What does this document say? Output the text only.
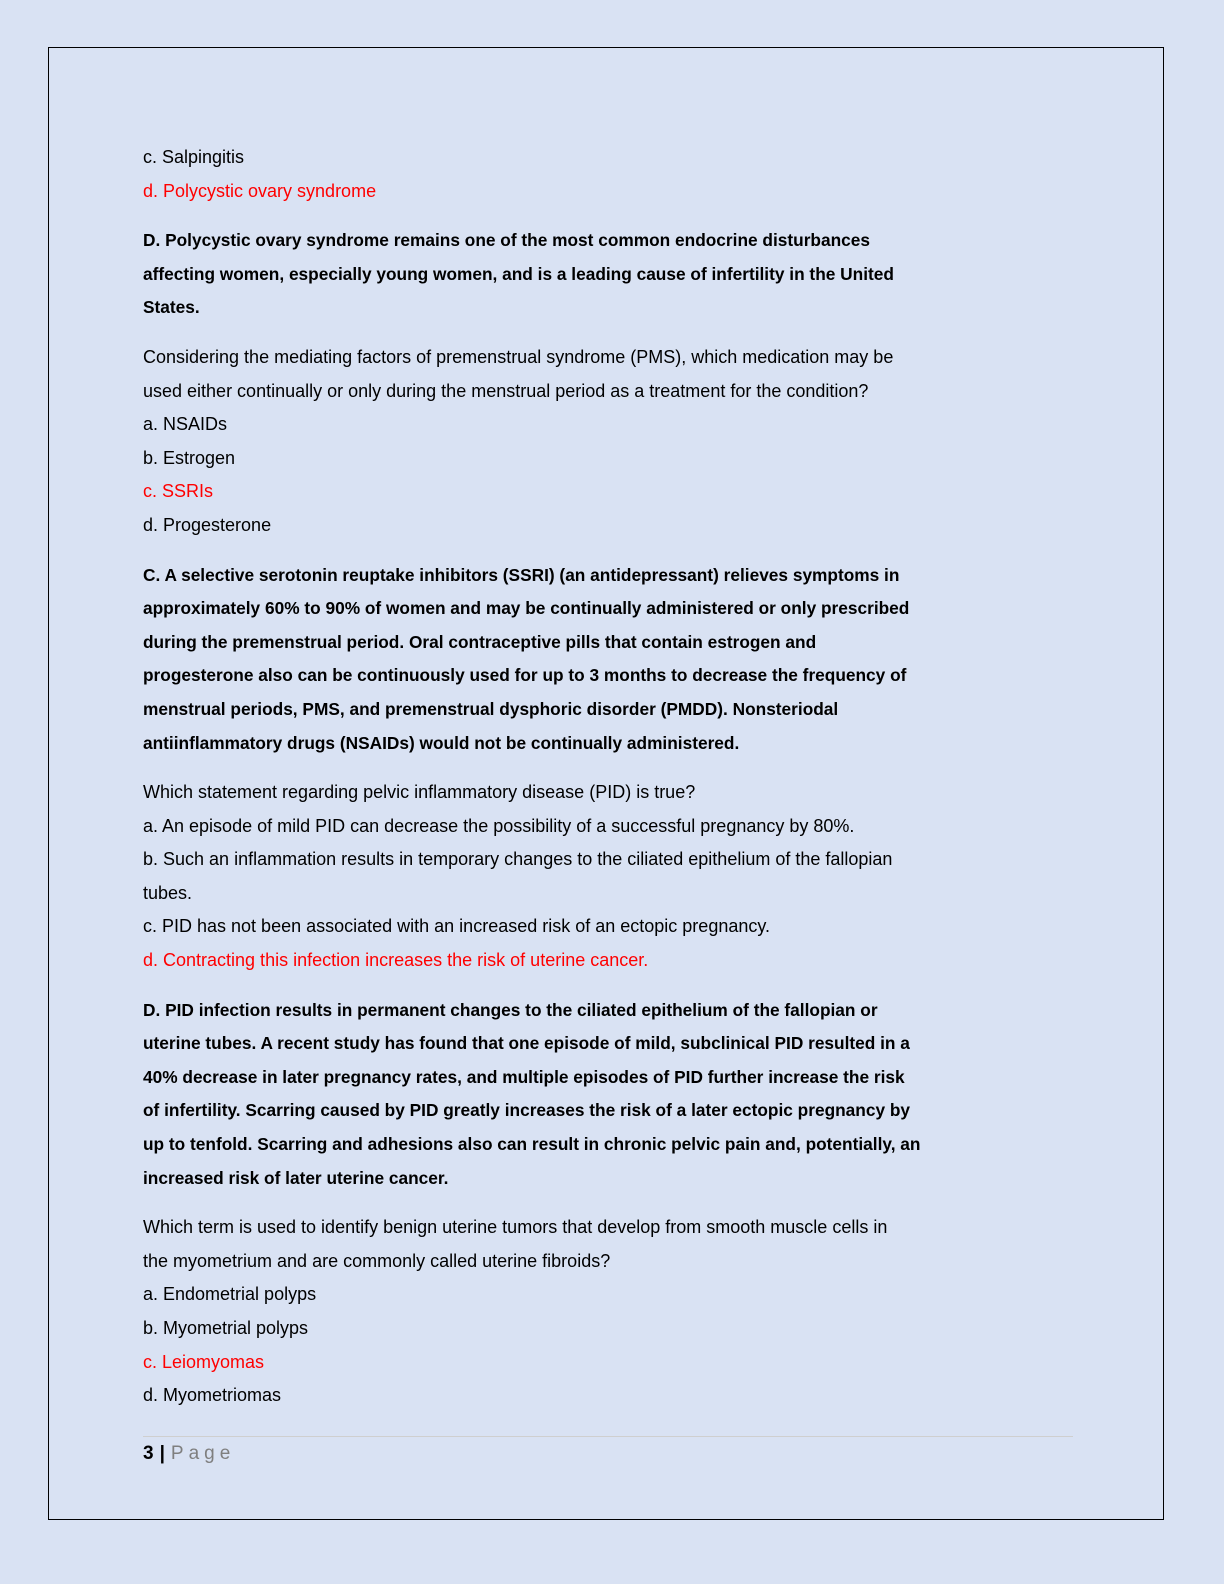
c. Salpingitis
d. Polycystic ovary syndrome
D. Polycystic ovary syndrome remains one of the most common endocrine disturbances
affecting women, especially young women, and is a leading cause of infertility in the United
States.
Considering the mediating factors of premenstrual syndrome (PMS), which medication may be
used either continually or only during the menstrual period as a treatment for the condition?
a. NSAIDs
b. Estrogen
c. SSRIs
d. Progesterone
C. A selective serotonin reuptake inhibitors (SSRI) (an antidepressant) relieves symptoms in
approximately 60% to 90% of women and may be continually administered or only prescribed
during the premenstrual period. Oral contraceptive pills that contain estrogen and
progesterone also can be continuously used for up to 3 months to decrease the frequency of
menstrual periods, PMS, and premenstrual dysphoric disorder (PMDD). Nonsteriodal
antiinflammatory drugs (NSAIDs) would not be continually administered.
Which statement regarding pelvic inflammatory disease (PID) is true?
a. An episode of mild PID can decrease the possibility of a successful pregnancy by 80%.
b. Such an inflammation results in temporary changes to the ciliated epithelium of the fallopian
tubes.
c. PID has not been associated with an increased risk of an ectopic pregnancy.
d. Contracting this infection increases the risk of uterine cancer.
D. PID infection results in permanent changes to the ciliated epithelium of the fallopian or
uterine tubes. A recent study has found that one episode of mild, subclinical PID resulted in a
40% decrease in later pregnancy rates, and multiple episodes of PID further increase the risk
of infertility. Scarring caused by PID greatly increases the risk of a later ectopic pregnancy by
up to tenfold. Scarring and adhesions also can result in chronic pelvic pain and, potentially, an
increased risk of later uterine cancer.
Which term is used to identify benign uterine tumors that develop from smooth muscle cells in
the myometrium and are commonly called uterine fibroids?
a. Endometrial polyps
b. Myometrial polyps
c. Leiomyomas
d. Myometriomas
3 | Page
